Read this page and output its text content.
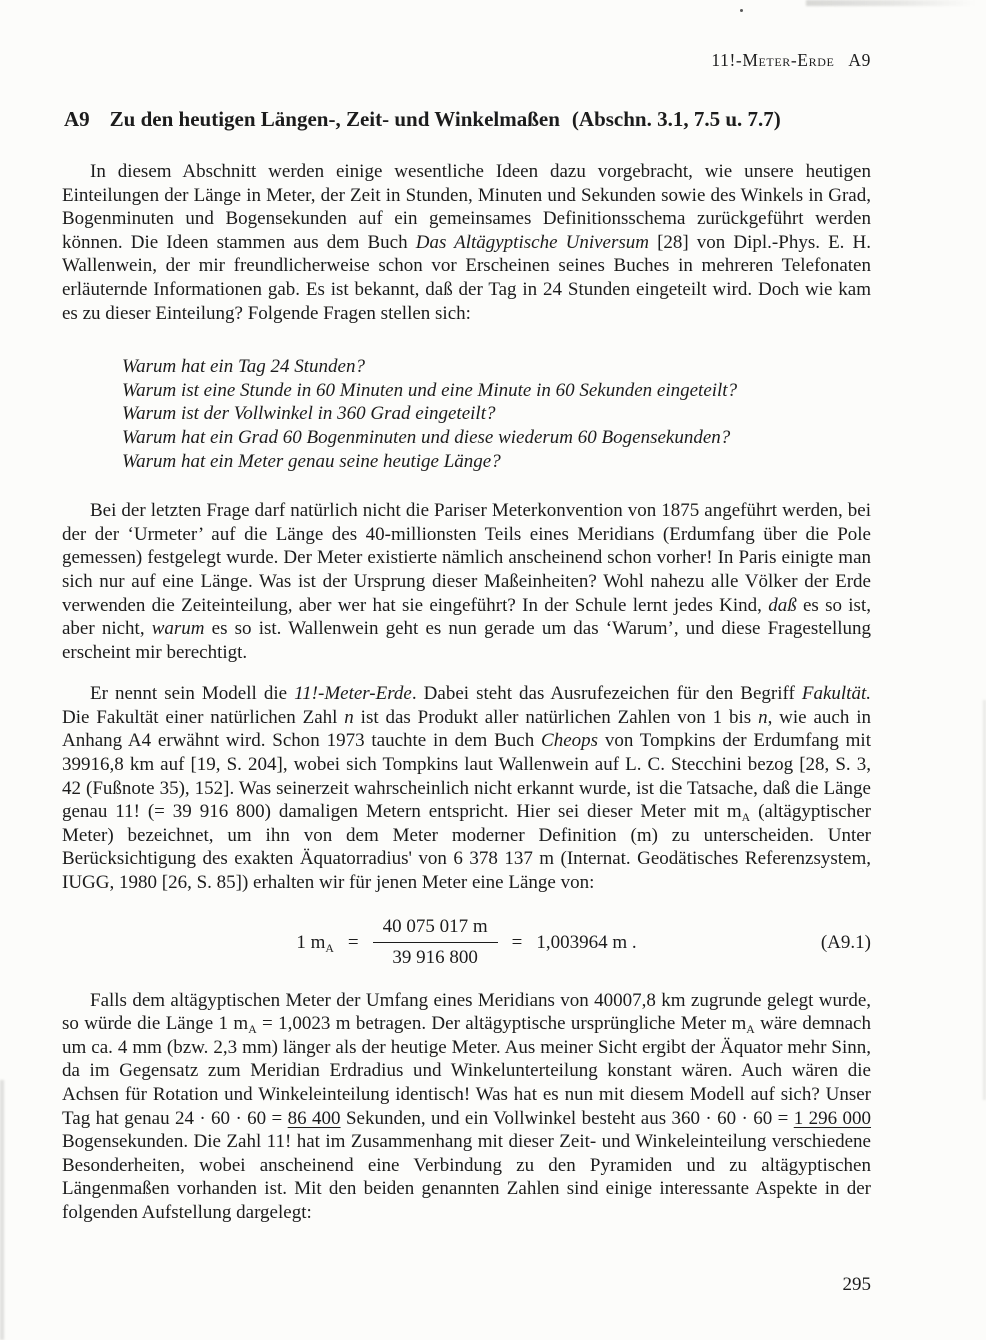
11!-Meter-Erde A9
A9 Zu den heutigen Längen-, Zeit- und Winkelmaßen (Abschn. 3.1, 7.5 u. 7.7)

In diesem Abschnitt werden einige wesentliche Ideen dazu vorgebracht, wie unsere heutigen Einteilungen der Länge in Meter, der Zeit in Stunden, Minuten und Sekunden sowie des Winkels in Grad, Bogenminuten und Bogensekunden auf ein gemeinsames Definitionsschema zurückgeführt werden können. Die Ideen stammen aus dem Buch Das Altägyptische Universum [28] von Dipl.-Phys. E. H. Wallenwein, der mir freundlicherweise schon vor Erscheinen seines Buches in mehreren Telefonaten erläuternde Informationen gab. Es ist bekannt, daß der Tag in 24 Stunden eingeteilt wird. Doch wie kam es zu dieser Einteilung? Folgende Fragen stellen sich:

Warum hat ein Tag 24 Stunden?
Warum ist eine Stunde in 60 Minuten und eine Minute in 60 Sekunden eingeteilt?
Warum ist der Vollwinkel in 360 Grad eingeteilt?
Warum hat ein Grad 60 Bogenminuten und diese wiederum 60 Bogensekunden?
Warum hat ein Meter genau seine heutige Länge?

Bei der letzten Frage darf natürlich nicht die Pariser Meterkonvention von 1875 angeführt werden, bei der der ‘Urmeter’ auf die Länge des 40-millionsten Teils eines Meridians (Erdumfang über die Pole gemessen) festgelegt wurde. Der Meter existierte nämlich anscheinend schon vorher! In Paris einigte man sich nur auf eine Länge. Was ist der Ursprung dieser Maßeinheiten? Wohl nahezu alle Völker der Erde verwenden die Zeiteinteilung, aber wer hat sie eingeführt? In der Schule lernt jedes Kind, daß es so ist, aber nicht, warum es so ist. Wallenwein geht es nun gerade um das ‘Warum’, und diese Fragestellung erscheint mir berechtigt.

Er nennt sein Modell die 11!-Meter-Erde. Dabei steht das Ausrufezeichen für den Begriff Fakultät. Die Fakultät einer natürlichen Zahl n ist das Produkt aller natürlichen Zahlen von 1 bis n, wie auch in Anhang A4 erwähnt wird. Schon 1973 tauchte in dem Buch Cheops von Tompkins der Erdumfang mit 39916,8 km auf [19, S. 204], wobei sich Tompkins laut Wallenwein auf L. C. Stecchini bezog [28, S. 3, 42 (Fußnote 35), 152]. Was seinerzeit wahrscheinlich nicht erkannt wurde, ist die Tatsache, daß die Länge genau 11! (= 39 916 800) damaligen Metern entspricht. Hier sei dieser Meter mit $m_A$ (altägyptischer Meter) bezeichnet, um ihn von dem Meter moderner Definition (m) zu unterscheiden. Unter Berücksichtigung des exakten Äquatorradius' von 6 378 137 m (Internat. Geodätisches Referenzsystem, IUGG, 1980 [26, S. 85]) erhalten wir für jenen Meter eine Länge von:

1 $m_A = \frac{40 075 017 m}{39 916 800} = 1,003964$ m .	(A9.1)

Falls dem altägyptischen Meter der Umfang eines Meridians von 40007,8 km zugrunde gelegt wurde, so würde die Länge 1 $m_A = 1,0023$ m betragen. Der altägyptische ursprüngliche Meter $m_A$ wäre demnach um ca. 4 mm (bzw. 2,3 mm) länger als der heutige Meter. Aus meiner Sicht ergibt der Äquator mehr Sinn, da im Gegensatz zum Meridian Erdradius und Winkelunterteilung konstant wären. Auch wären die Achsen für Rotation und Winkeleinteilung identisch! Was hat es nun mit diesem Modell auf sich? Unser Tag hat genau 24 · 60 · 60 = 86 400 Sekunden, und ein Vollwinkel besteht aus 360 · 60 · 60 = 1 296 000 Bogensekunden. Die Zahl 11! hat im Zusammenhang mit dieser Zeit- und Winkeleinteilung verschiedene Besonderheiten, wobei anscheinend eine Verbindung zu den Pyramiden und zu altägyptischen Längenmaßen vorhanden ist. Mit den beiden genannten Zahlen sind einige interessante Aspekte in der folgenden Aufstellung dargelegt:

295
